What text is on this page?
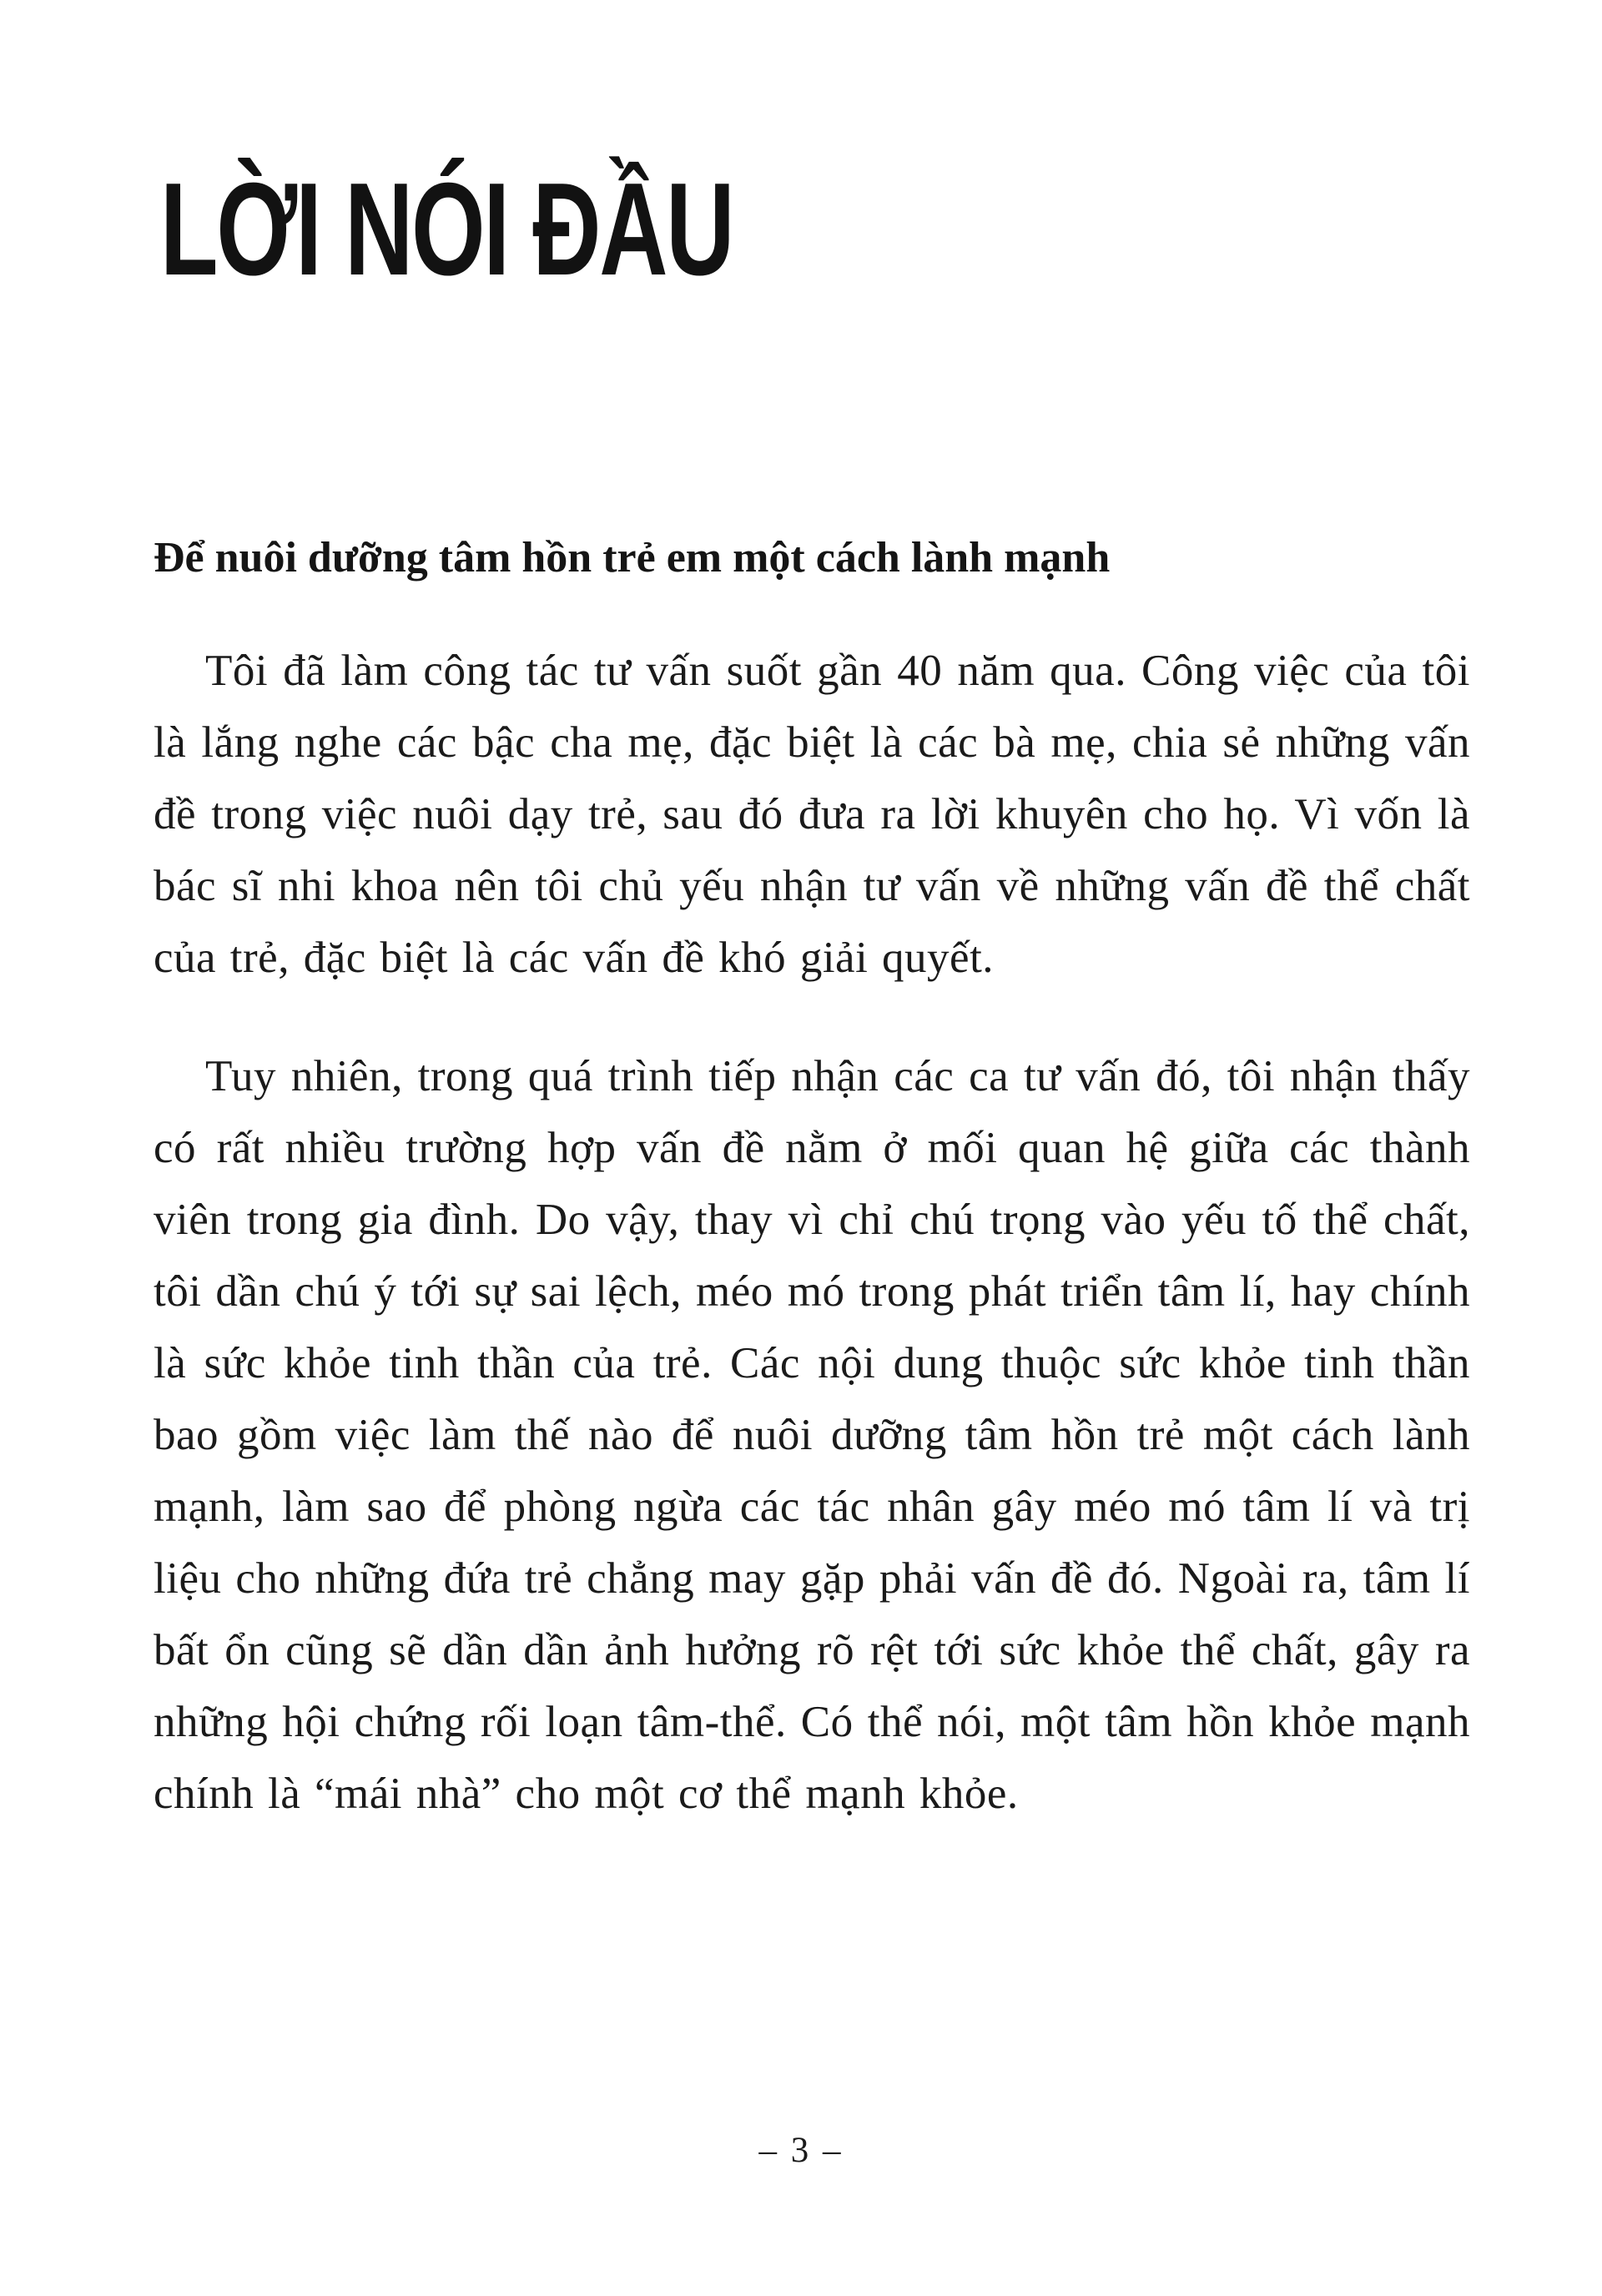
LỜI NÓI ĐẦU
Để nuôi dưỡng tâm hồn trẻ em một cách lành mạnh

Tôi đã làm công tác tư vấn suốt gần 40 năm qua. Công việc của tôi là lắng nghe các bậc cha mẹ, đặc biệt là các bà mẹ, chia sẻ những vấn đề trong việc nuôi dạy trẻ, sau đó đưa ra lời khuyên cho họ. Vì vốn là bác sĩ nhi khoa nên tôi chủ yếu nhận tư vấn về những vấn đề thể chất của trẻ, đặc biệt là các vấn đề khó giải quyết.

Tuy nhiên, trong quá trình tiếp nhận các ca tư vấn đó, tôi nhận thấy có rất nhiều trường hợp vấn đề nằm ở mối quan hệ giữa các thành viên trong gia đình. Do vậy, thay vì chỉ chú trọng vào yếu tố thể chất, tôi dần chú ý tới sự sai lệch, méo mó trong phát triển tâm lí, hay chính là sức khỏe tinh thần của trẻ. Các nội dung thuộc sức khỏe tinh thần bao gồm việc làm thế nào để nuôi dưỡng tâm hồn trẻ một cách lành mạnh, làm sao để phòng ngừa các tác nhân gây méo mó tâm lí và trị liệu cho những đứa trẻ chẳng may gặp phải vấn đề đó. Ngoài ra, tâm lí bất ổn cũng sẽ dần dần ảnh hưởng rõ rệt tới sức khỏe thể chất, gây ra những hội chứng rối loạn tâm-thể. Có thể nói, một tâm hồn khỏe mạnh chính là “mái nhà” cho một cơ thể mạnh khỏe.

– 3 –
